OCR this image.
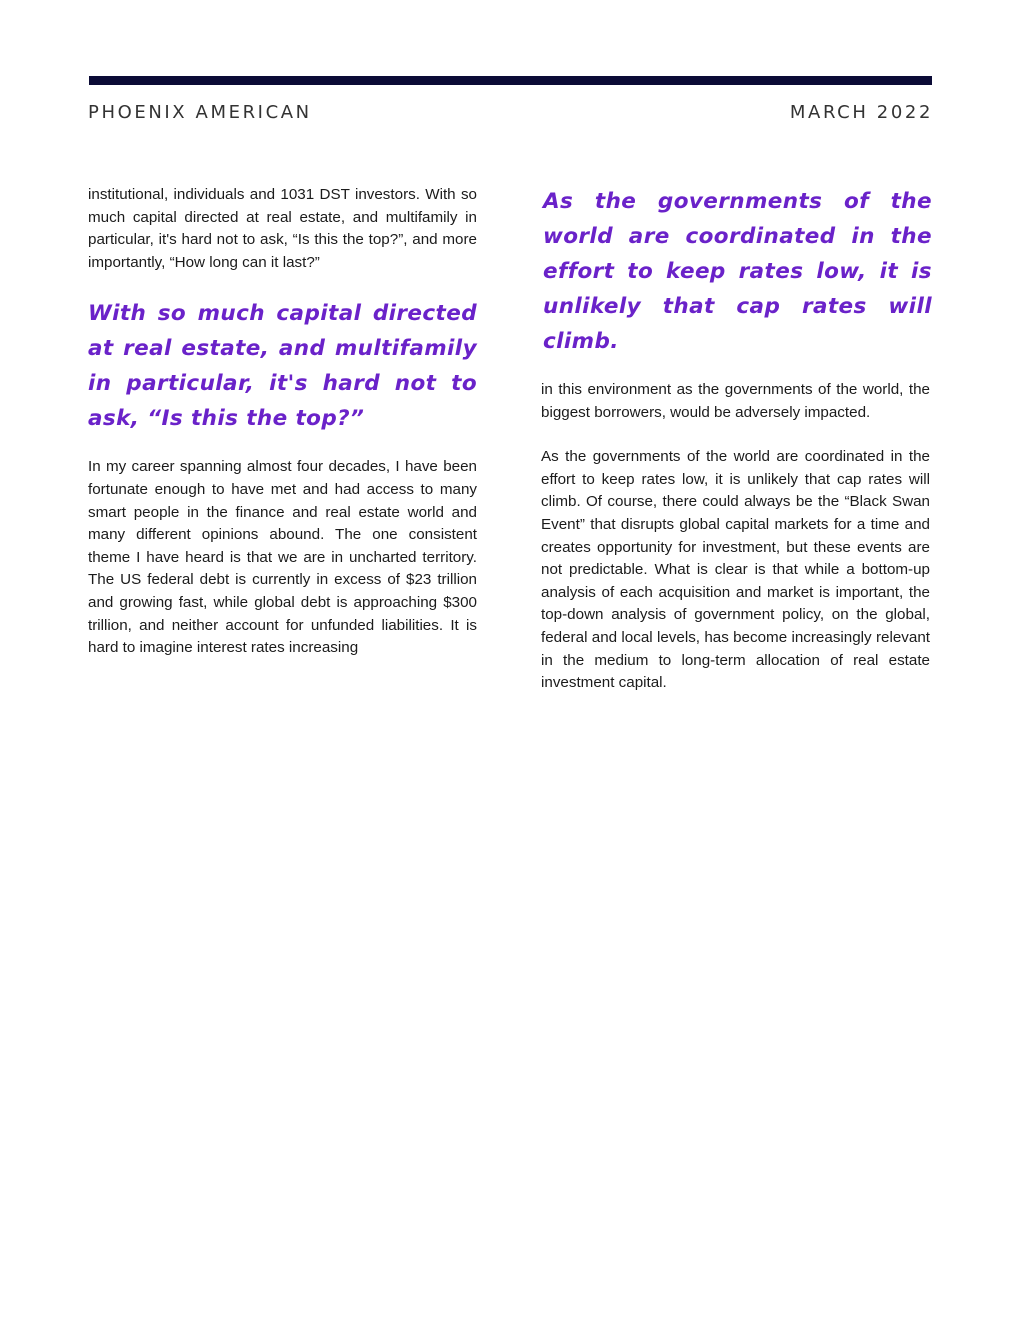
PHOENIX AMERICAN	MARCH 2022

institutional, individuals and 1031 DST investors. With so much capital directed at real estate, and multifamily in particular, it's hard not to ask, “Is this the top?”, and more importantly, “How long can it last?”

With so much capital directed at real estate, and multifamily in particular, it's hard not to ask, “Is this the top?”

In my career spanning almost four decades, I have been fortunate enough to have met and had access to many smart people in the finance and real estate world and many different opinions abound. The one consistent theme I have heard is that we are in uncharted territory. The US federal debt is currently in excess of $23 trillion and growing fast, while global debt is approaching $300 trillion, and neither account for unfunded liabilities. It is hard to imagine interest rates increasing

As the governments of the world are coordinated in the effort to keep rates low, it is unlikely that cap rates will climb.

in this environment as the governments of the world, the biggest borrowers, would be adversely impacted.

As the governments of the world are coordinated in the effort to keep rates low, it is unlikely that cap rates will climb. Of course, there could always be the “Black Swan Event” that disrupts global capital markets for a time and creates opportunity for investment, but these events are not predictable. What is clear is that while a bottom-up analysis of each acquisition and market is important, the top-down analysis of government policy, on the global, federal and local levels, has become increasingly relevant in the medium to long-term allocation of real estate investment capital.
